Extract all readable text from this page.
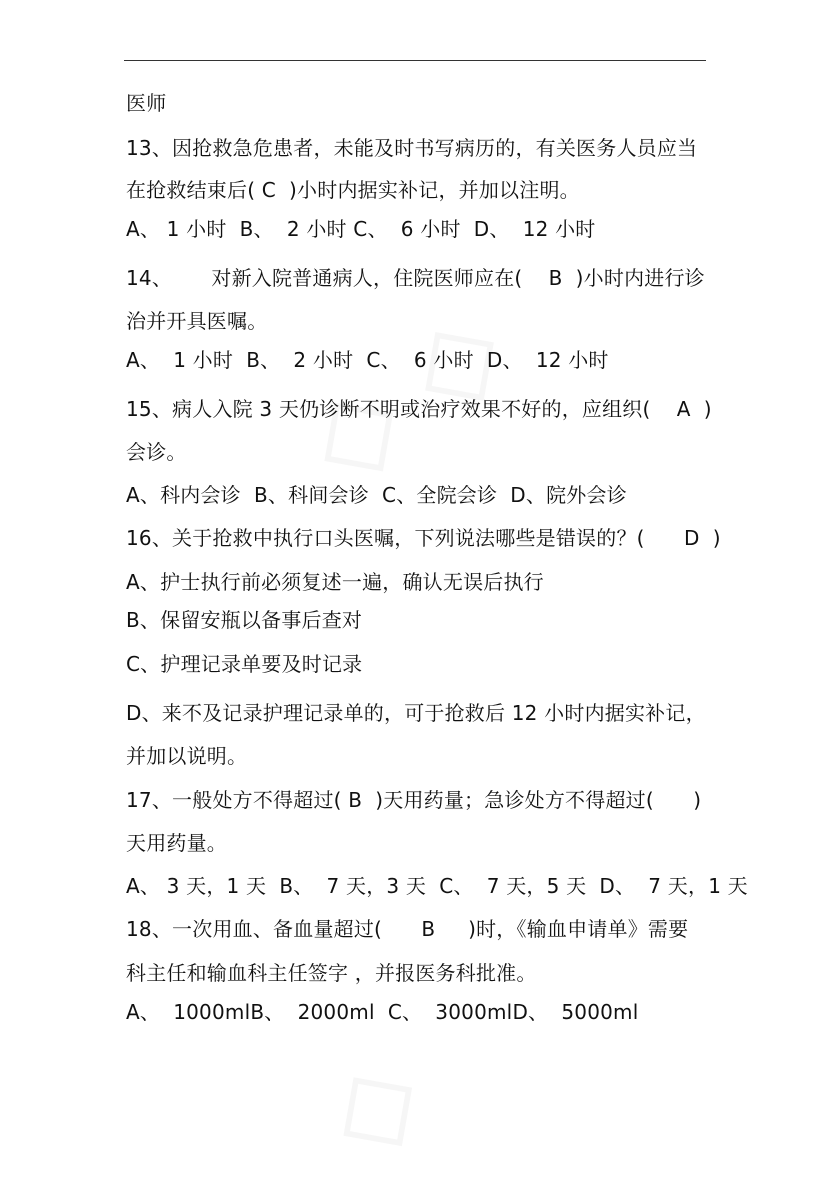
医师
13、因抢救急危患者，未能及时书写病历的，有关医务人员应当
在抢救结束后( C  )小时内据实补记，并加以注明。
A、 1 小时  B、  2 小时 C、  6 小时  D、  12 小时
14、      对新入院普通病人，住院医师应在(    B  )小时内进行诊
治并开具医嘱。
A、  1 小时  B、  2 小时  C、  6 小时  D、  12 小时
15、病人入院 3 天仍诊断不明或治疗效果不好的，应组织(    A  )
会诊。
A、科内会诊  B、科间会诊  C、全院会诊  D、院外会诊
16、关于抢救中执行口头医嘱，下列说法哪些是错误的？(      D  )
A、护士执行前必须复述一遍，确认无误后执行
B、保留安瓶以备事后查对
C、护理记录单要及时记录
D、来不及记录护理记录单的，可于抢救后 12 小时内据实补记，
并加以说明。
17、一般处方不得超过( B  )天用药量；急诊处方不得超过(      )
天用药量。
A、 3 天，1 天  B、  7 天，3 天  C、  7 天，5 天  D、  7 天，1 天
18、一次用血、备血量超过(      B     )时，《输血申请单》需要
科主任和输血科主任签字 ，并报医务科批准。
A、  1000mlB、  2000ml  C、  3000mlD、  5000ml
